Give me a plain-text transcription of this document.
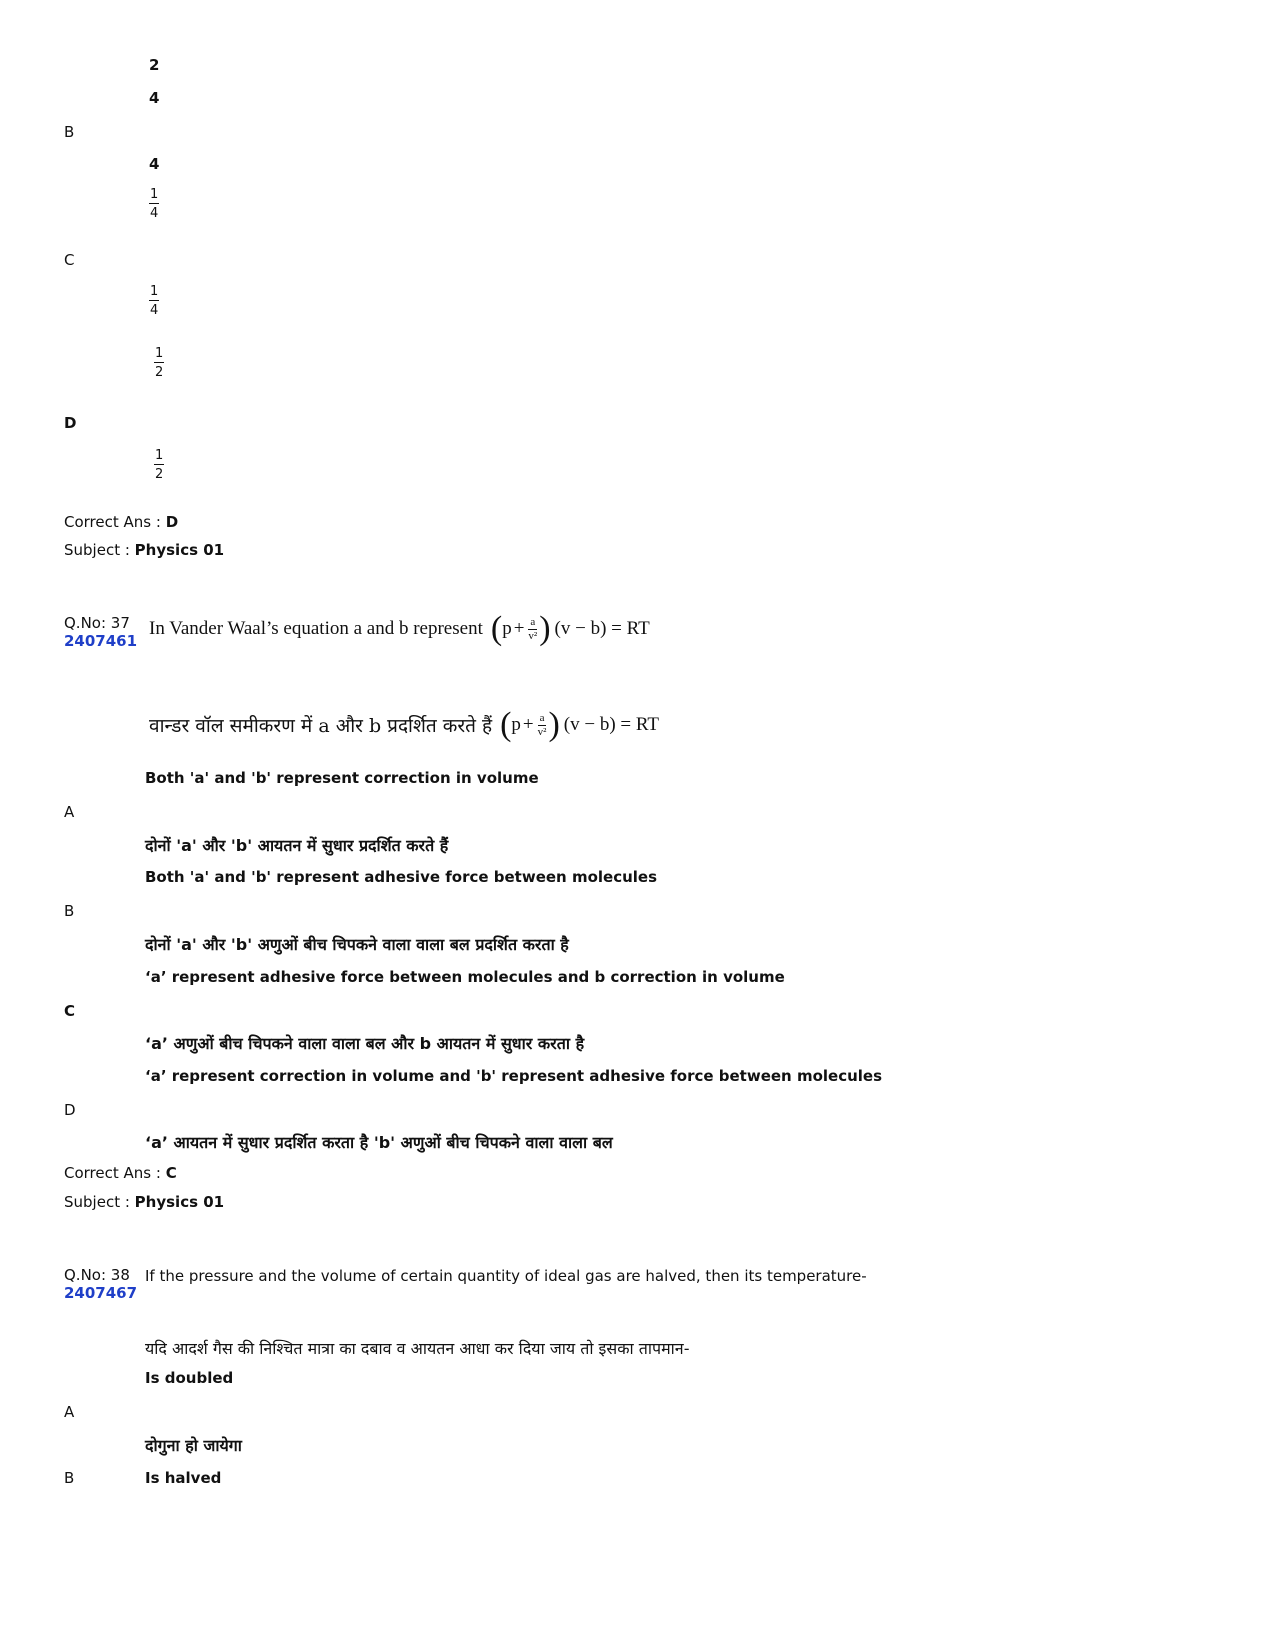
2
4
B
4
$\frac{1}{4}$
C
$\frac{1}{4}$
$\frac{1}{2}$
D
$\frac{1}{2}$
Correct Ans : D
Subject : Physics 01
Q.No: 37
2407461
In Vander Waal’s equation a and b represent ( $p + \frac{a}{\text{v²}}$ ) (v − b) = RT
वान्डर वॉल समीकरण में a और b प्रदर्शित करते हैं ( $p + \frac{a}{\text{v²}}$ ) (v − b) = RT
Both 'a' and 'b' represent correction in volume
A
दोनों 'a' और 'b' आयतन में सुधार प्रदर्शित करते हैं
Both 'a' and 'b' represent adhesive force between molecules
B
दोनों 'a' और 'b' अणुओं बीच चिपकने वाला वाला बल प्रदर्शित करता है
‘a’ represent adhesive force between molecules and b correction in volume
C
‘a’ अणुओं बीच चिपकने वाला वाला बल और b आयतन में सुधार करता है
‘a’ represent correction in volume and 'b' represent adhesive force between molecules
D
‘a’ आयतन में सुधार प्रदर्शित करता है 'b' अणुओं बीच चिपकने वाला वाला बल
Correct Ans : C
Subject : Physics 01
Q.No: 38
2407467
If the pressure and the volume of certain quantity of ideal gas are halved, then its temperature-
यदि आदर्श गैस की निश्चित मात्रा का दबाव व आयतन आधा कर दिया जाय तो इसका तापमान-
Is doubled
A
दोगुना हो जायेगा
B	Is halved
